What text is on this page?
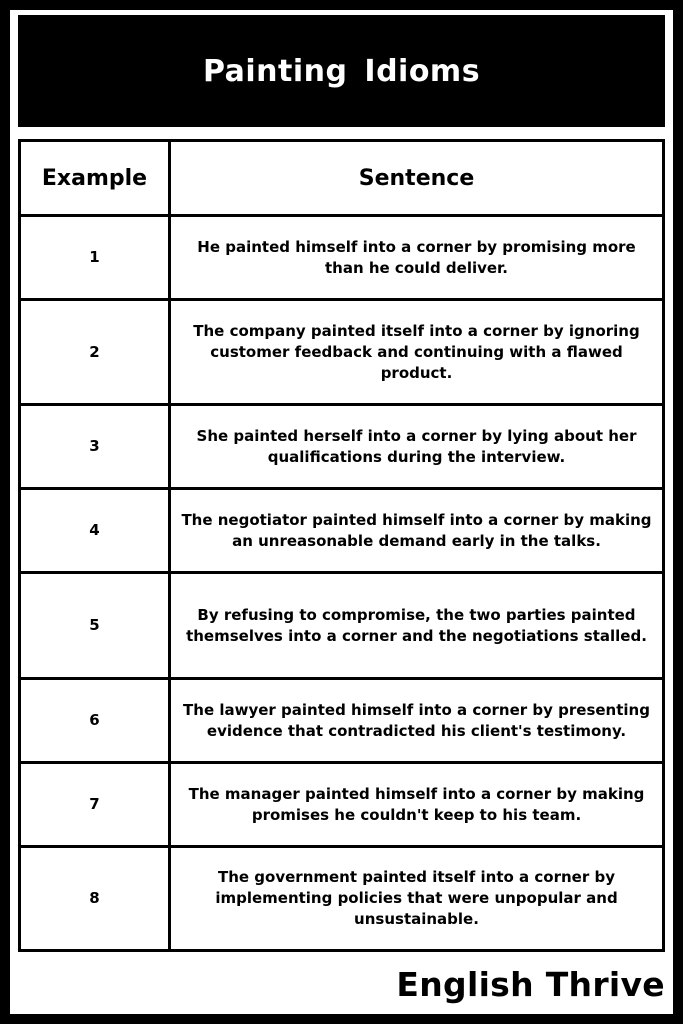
Painting Idioms
Example	Sentence
1	He painted himself into a corner by promising more than he could deliver.
2	The company painted itself into a corner by ignoring customer feedback and continuing with a flawed product.
3	She painted herself into a corner by lying about her qualifications during the interview.
4	The negotiator painted himself into a corner by making an unreasonable demand early in the talks.
5	By refusing to compromise, the two parties painted themselves into a corner and the negotiations stalled.
6	The lawyer painted himself into a corner by presenting evidence that contradicted his client's testimony.
7	The manager painted himself into a corner by making promises he couldn't keep to his team.
8	The government painted itself into a corner by implementing policies that were unpopular and unsustainable.
English Thrive
